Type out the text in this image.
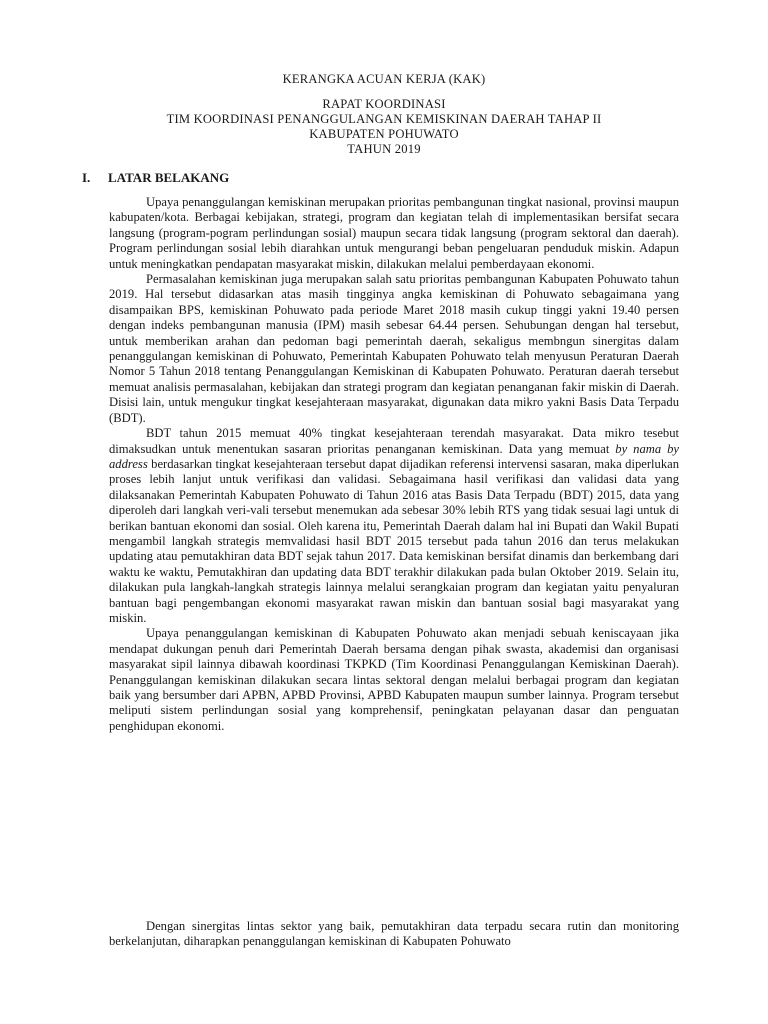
KERANGKA ACUAN KERJA (KAK)
RAPAT KOORDINASI
TIM KOORDINASI PENANGGULANGAN KEMISKINAN DAERAH TAHAP II
KABUPATEN POHUWATO
TAHUN 2019
I. LATAR BELAKANG

Upaya penanggulangan kemiskinan merupakan prioritas pembangunan tingkat nasional, provinsi maupun kabupaten/kota. Berbagai kebijakan, strategi, program dan kegiatan telah di implementasikan bersifat secara langsung (program-pogram perlindungan sosial) maupun secara tidak langsung (program sektoral dan daerah). Program perlindungan sosial lebih diarahkan untuk mengurangi beban pengeluaran penduduk miskin. Adapun untuk meningkatkan pendapatan masyarakat miskin, dilakukan melalui pemberdayaan ekonomi.

Permasalahan kemiskinan juga merupakan salah satu prioritas pembangunan Kabupaten Pohuwato tahun 2019. Hal tersebut didasarkan atas masih tingginya angka kemiskinan di Pohuwato sebagaimana yang disampaikan BPS, kemiskinan Pohuwato pada periode Maret 2018 masih cukup tinggi yakni 19.40 persen dengan indeks pembangunan manusia (IPM) masih sebesar 64.44 persen. Sehubungan dengan hal tersebut, untuk memberikan arahan dan pedoman bagi pemerintah daerah, sekaligus membngun sinergitas dalam penanggulangan kemiskinan di Pohuwato, Pemerintah Kabupaten Pohuwato telah menyusun Peraturan Daerah Nomor 5 Tahun 2018 tentang Penanggulangan Kemiskinan di Kabupaten Pohuwato. Peraturan daerah tersebut memuat analisis permasalahan, kebijakan dan strategi program dan kegiatan penanganan fakir miskin di Daerah. Disisi lain, untuk mengukur tingkat kesejahteraan masyarakat, digunakan data mikro yakni Basis Data Terpadu (BDT).

BDT tahun 2015 memuat 40% tingkat kesejahteraan terendah masyarakat. Data mikro tesebut dimaksudkan untuk menentukan sasaran prioritas penanganan kemiskinan. Data yang memuat by nama by address berdasarkan tingkat kesejahteraan tersebut dapat dijadikan referensi intervensi sasaran, maka diperlukan proses lebih lanjut untuk verifikasi dan validasi. Sebagaimana hasil verifikasi dan validasi data yang dilaksanakan Pemerintah Kabupaten Pohuwato di Tahun 2016 atas Basis Data Terpadu (BDT) 2015, data yang diperoleh dari langkah veri-vali tersebut menemukan ada sebesar 30% lebih RTS yang tidak sesuai lagi untuk di berikan bantuan ekonomi dan sosial. Oleh karena itu, Pemerintah Daerah dalam hal ini Bupati dan Wakil Bupati mengambil langkah strategis memvalidasi hasil BDT 2015 tersebut pada tahun 2016 dan terus melakukan updating atau pemutakhiran data BDT sejak tahun 2017. Data kemiskinan bersifat dinamis dan berkembang dari waktu ke waktu, Pemutakhiran dan updating data BDT terakhir dilakukan pada bulan Oktober 2019. Selain itu, dilakukan pula langkah-langkah strategis lainnya melalui serangkaian program dan kegiatan yaitu penyaluran bantuan bagi pengembangan ekonomi masyarakat rawan miskin dan bantuan sosial bagi masyarakat yang miskin.

Upaya penanggulangan kemiskinan di Kabupaten Pohuwato akan menjadi sebuah keniscayaan jika mendapat dukungan penuh dari Pemerintah Daerah bersama dengan pihak swasta, akademisi dan organisasi masyarakat sipil lainnya dibawah koordinasi TKPKD (Tim Koordinasi Penanggulangan Kemiskinan Daerah). Penanggulangan kemiskinan dilakukan secara lintas sektoral dengan melalui berbagai program dan kegiatan baik yang bersumber dari APBN, APBD Provinsi, APBD Kabupaten maupun sumber lainnya. Program tersebut meliputi sistem perlindungan sosial yang komprehensif, peningkatan pelayanan dasar dan penguatan penghidupan ekonomi.

Dengan sinergitas lintas sektor yang baik, pemutakhiran data terpadu secara rutin dan monitoring berkelanjutan, diharapkan penanggulangan kemiskinan di Kabupaten Pohuwato
